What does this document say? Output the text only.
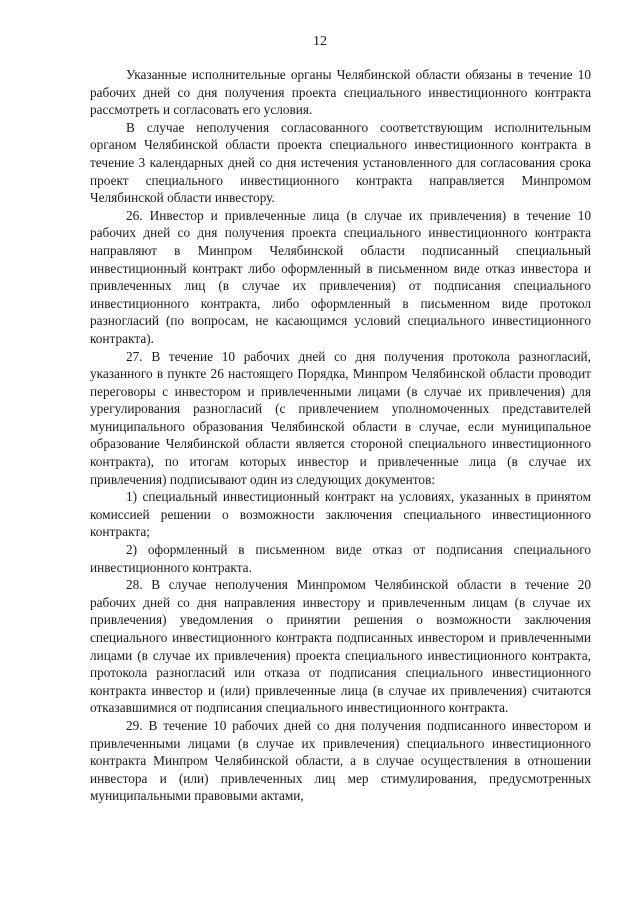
12

Указанные исполнительные органы Челябинской области обязаны в течение 10 рабочих дней со дня получения проекта специального инвестиционного контракта рассмотреть и согласовать его условия.

В случае неполучения согласованного соответствующим исполнительным органом Челябинской области проекта специального инвестиционного контракта в течение 3 календарных дней со дня истечения установленного для согласования срока проект специального инвестиционного контракта направляется Минпромом Челябинской области инвестору.

26. Инвестор и привлеченные лица (в случае их привлечения) в течение 10 рабочих дней со дня получения проекта специального инвестиционного контракта направляют в Минпром Челябинской области подписанный специальный инвестиционный контракт либо оформленный в письменном виде отказ инвестора и привлеченных лиц (в случае их привлечения) от подписания специального инвестиционного контракта, либо оформленный в письменном виде протокол разногласий (по вопросам, не касающимся условий специального инвестиционного контракта).

27. В течение 10 рабочих дней со дня получения протокола разногласий, указанного в пункте 26 настоящего Порядка, Минпром Челябинской области проводит переговоры с инвестором и привлеченными лицами (в случае их привлечения) для урегулирования разногласий (с привлечением уполномоченных представителей муниципального образования Челябинской области в случае, если муниципальное образование Челябинской области является стороной специального инвестиционного контракта), по итогам которых инвестор и привлеченные лица (в случае их привлечения) подписывают один из следующих документов:

1) специальный инвестиционный контракт на условиях, указанных в принятом комиссией решении о возможности заключения специального инвестиционного контракта;

2) оформленный в письменном виде отказ от подписания специального инвестиционного контракта.

28. В случае неполучения Минпромом Челябинской области в течение 20 рабочих дней со дня направления инвестору и привлеченным лицам (в случае их привлечения) уведомления о принятии решения о возможности заключения специального инвестиционного контракта подписанных инвестором и привлеченными лицами (в случае их привлечения) проекта специального инвестиционного контракта, протокола разногласий или отказа от подписания специального инвестиционного контракта инвестор и (или) привлеченные лица (в случае их привлечения) считаются отказавшимися от подписания специального инвестиционного контракта.

29. В течение 10 рабочих дней со дня получения подписанного инвестором и привлеченными лицами (в случае их привлечения) специального инвестиционного контракта Минпром Челябинской области, а в случае осуществления в отношении инвестора и (или) привлеченных лиц мер стимулирования, предусмотренных муниципальными правовыми актами,
